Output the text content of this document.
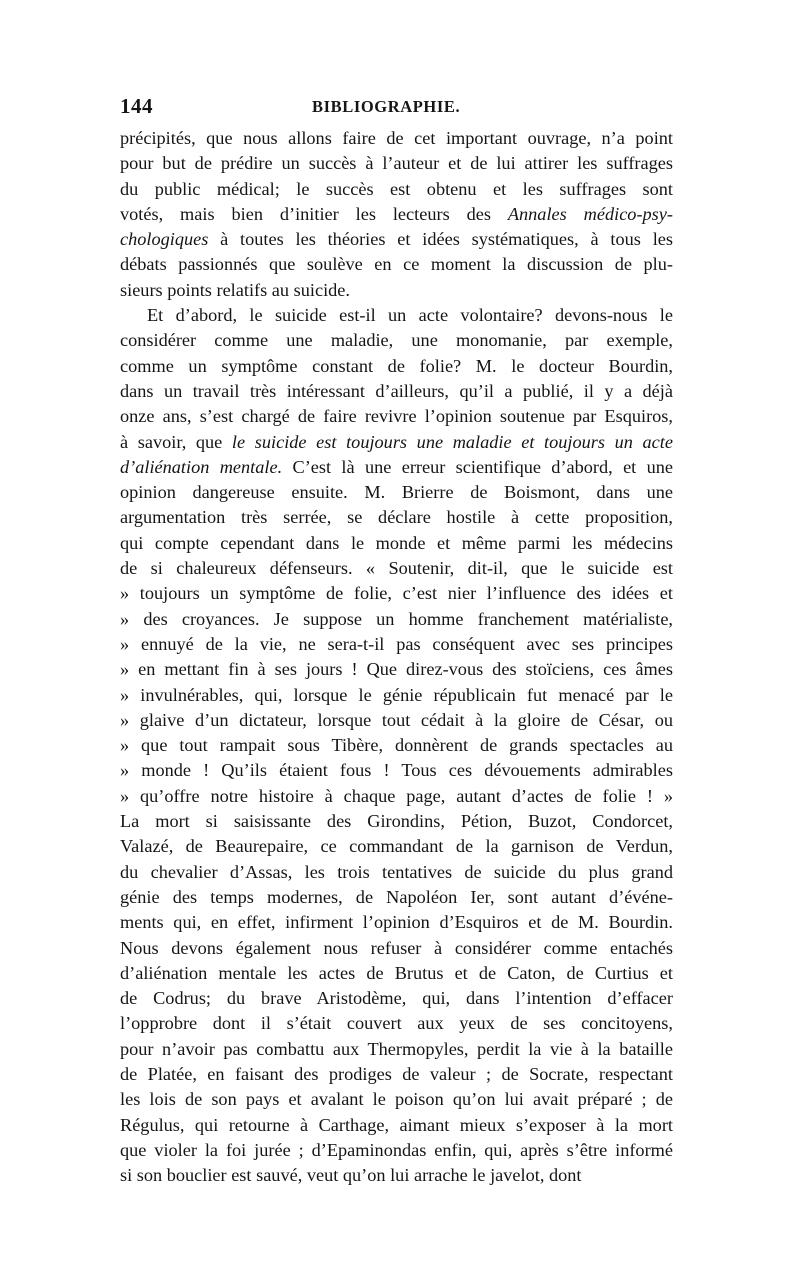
144	BIBLIOGRAPHIE.

précipités, que nous allons faire de cet important ouvrage, n’a point
pour but de prédire un succès à l’auteur et de lui attirer les suffrages
du public médical; le succès est obtenu et les suffrages sont
votés, mais bien d’initier les lecteurs des Annales médico-psy-
chologiques à toutes les théories et idées systématiques, à tous les
débats passionnés que soulève en ce moment la discussion de plu-
sieurs points relatifs au suicide.

Et d’abord, le suicide est-il un acte volontaire? devons-nous le
considérer comme une maladie, une monomanie, par exemple,
comme un symptôme constant de folie? M. le docteur Bourdin,
dans un travail très intéressant d’ailleurs, qu’il a publié, il y a déjà
onze ans, s’est chargé de faire revivre l’opinion soutenue par Esquiros,
à savoir, que le suicide est toujours une maladie et toujours un acte
d’aliénation mentale. C’est là une erreur scientifique d’abord, et une
opinion dangereuse ensuite. M. Brierre de Boismont, dans une
argumentation très serrée, se déclare hostile à cette proposition,
qui compte cependant dans le monde et même parmi les médecins
de si chaleureux défenseurs. « Soutenir, dit-il, que le suicide est
» toujours un symptôme de folie, c’est nier l’influence des idées et
» des croyances. Je suppose un homme franchement matérialiste,
» ennuyé de la vie, ne sera-t-il pas conséquent avec ses principes
» en mettant fin à ses jours ! Que direz-vous des stoïciens, ces âmes
» invulnérables, qui, lorsque le génie républicain fut menacé par le
» glaive d’un dictateur, lorsque tout cédait à la gloire de César, ou
» que tout rampait sous Tibère, donnèrent de grands spectacles au
» monde ! Qu’ils étaient fous ! Tous ces dévouements admirables
» qu’offre notre histoire à chaque page, autant d’actes de folie ! »
La mort si saisissante des Girondins, Pétion, Buzot, Condorcet,
Valazé, de Beaurepaire, ce commandant de la garnison de Verdun,
du chevalier d’Assas, les trois tentatives de suicide du plus grand
génie des temps modernes, de Napoléon Ier, sont autant d’événe-
ments qui, en effet, infirment l’opinion d’Esquiros et de M. Bourdin.
Nous devons également nous refuser à considérer comme entachés
d’aliénation mentale les actes de Brutus et de Caton, de Curtius et
de Codrus; du brave Aristodème, qui, dans l’intention d’effacer
l’opprobre dont il s’était couvert aux yeux de ses concitoyens,
pour n’avoir pas combattu aux Thermopyles, perdit la vie à la bataille
de Platée, en faisant des prodiges de valeur ; de Socrate, respectant
les lois de son pays et avalant le poison qu’on lui avait préparé ; de
Régulus, qui retourne à Carthage, aimant mieux s’exposer à la mort
que violer la foi jurée ; d’Epaminondas enfin, qui, après s’être informé
si son bouclier est sauvé, veut qu’on lui arrache le javelot, dont
